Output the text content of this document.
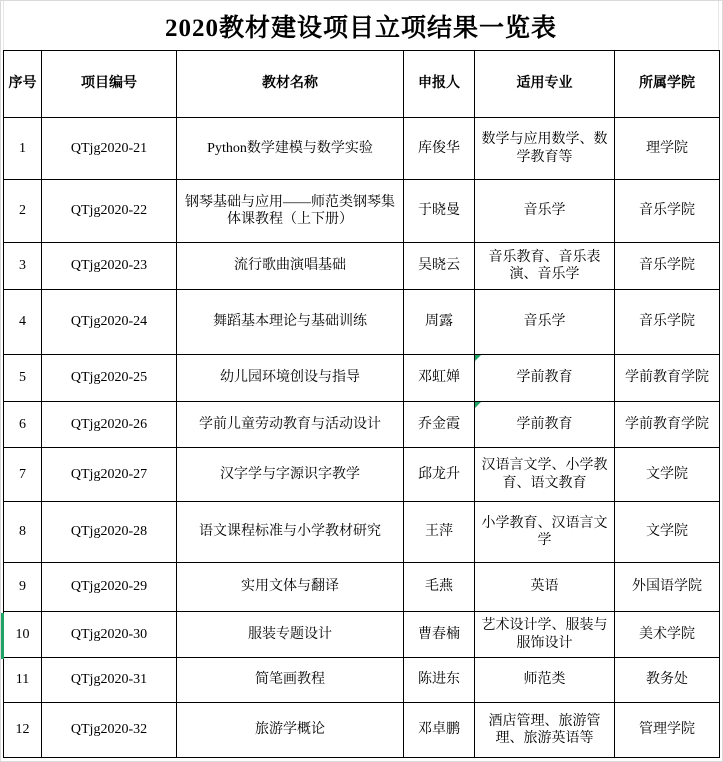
2020教材建设项目立项结果一览表
序号	项目编号	教材名称	申报人	适用专业	所属学院
1	QTjg2020-21	Python数学建模与数学实验	库俊华	数学与应用数学、数学教育等	理学院
2	QTjg2020-22	钢琴基础与应用——师范类钢琴集体课教程（上下册）	于晓曼	音乐学	音乐学院
3	QTjg2020-23	流行歌曲演唱基础	吴晓云	音乐教育、音乐表演、音乐学	音乐学院
4	QTjg2020-24	舞蹈基本理论与基础训练	周露	音乐学	音乐学院
5	QTjg2020-25	幼儿园环境创设与指导	邓虹婵	学前教育	学前教育学院
6	QTjg2020-26	学前儿童劳动教育与活动设计	乔金霞	学前教育	学前教育学院
7	QTjg2020-27	汉字学与字源识字教学	邱龙升	汉语言文学、小学教育、语文教育	文学院
8	QTjg2020-28	语文课程标准与小学教材研究	王萍	小学教育、汉语言文学	文学院
9	QTjg2020-29	实用文体与翻译	毛燕	英语	外国语学院
10	QTjg2020-30	服装专题设计	曹春楠	艺术设计学、服装与服饰设计	美术学院
11	QTjg2020-31	简笔画教程	陈进东	师范类	教务处
12	QTjg2020-32	旅游学概论	邓卓鹏	酒店管理、旅游管理、旅游英语等	管理学院
